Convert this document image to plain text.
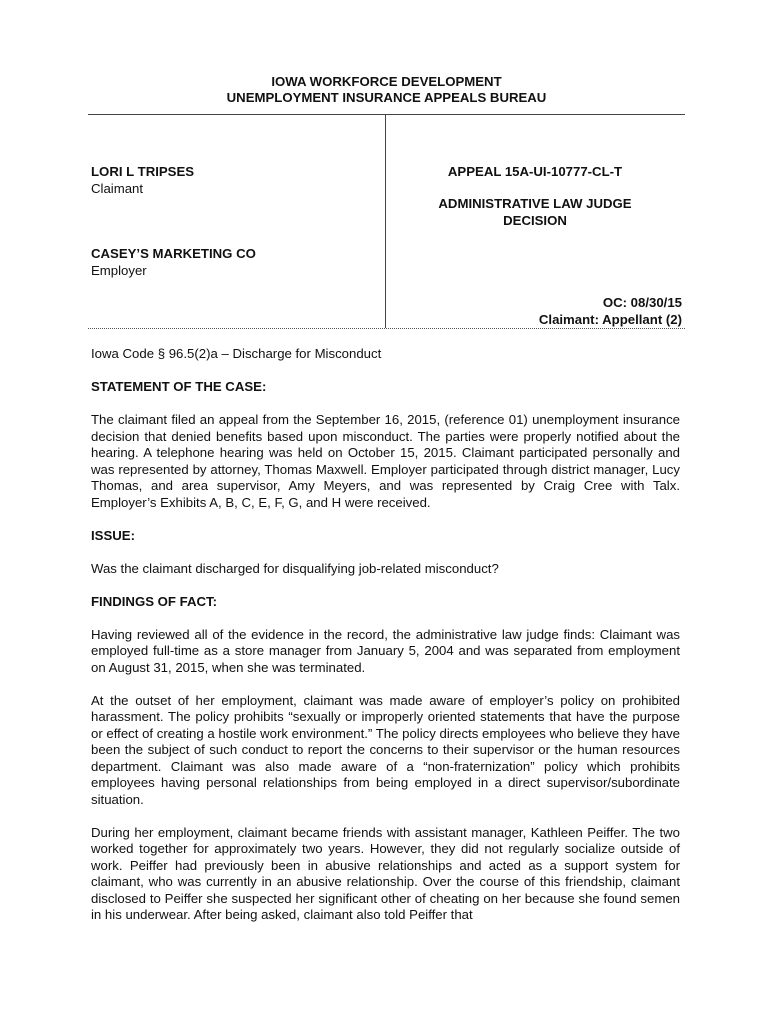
IOWA WORKFORCE DEVELOPMENT
UNEMPLOYMENT INSURANCE APPEALS BUREAU
LORI L TRIPSES
Claimant
CASEY’S MARKETING CO
Employer
APPEAL 15A-UI-10777-CL-T
ADMINISTRATIVE LAW JUDGE
DECISION
OC: 08/30/15
Claimant: Appellant (2)

Iowa Code § 96.5(2)a – Discharge for Misconduct

STATEMENT OF THE CASE:

The claimant filed an appeal from the September 16, 2015, (reference 01) unemployment insurance decision that denied benefits based upon misconduct. The parties were properly notified about the hearing. A telephone hearing was held on October 15, 2015. Claimant participated personally and was represented by attorney, Thomas Maxwell. Employer participated through district manager, Lucy Thomas, and area supervisor, Amy Meyers, and was represented by Craig Cree with Talx. Employer’s Exhibits A, B, C, E, F, G, and H were received.

ISSUE:

Was the claimant discharged for disqualifying job-related misconduct?

FINDINGS OF FACT:

Having reviewed all of the evidence in the record, the administrative law judge finds: Claimant was employed full-time as a store manager from January 5, 2004 and was separated from employment on August 31, 2015, when she was terminated.

At the outset of her employment, claimant was made aware of employer’s policy on prohibited harassment. The policy prohibits “sexually or improperly oriented statements that have the purpose or effect of creating a hostile work environment.” The policy directs employees who believe they have been the subject of such conduct to report the concerns to their supervisor or the human resources department. Claimant was also made aware of a “non-fraternization” policy which prohibits employees having personal relationships from being employed in a direct supervisor/subordinate situation.

During her employment, claimant became friends with assistant manager, Kathleen Peiffer. The two worked together for approximately two years. However, they did not regularly socialize outside of work. Peiffer had previously been in abusive relationships and acted as a support system for claimant, who was currently in an abusive relationship. Over the course of this friendship, claimant disclosed to Peiffer she suspected her significant other of cheating on her because she found semen in his underwear. After being asked, claimant also told Peiffer that
